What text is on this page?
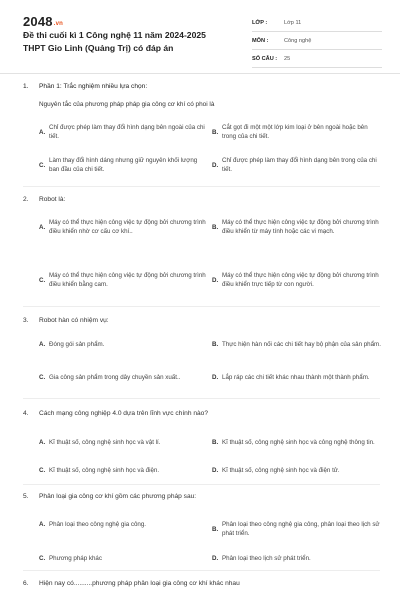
2048.vn
Đề thi cuối kì 1 Công nghệ 11 năm 2024-2025 THPT Gio Linh (Quảng Trị) có đáp án
LỚP :	Lớp 11
MÔN :	Công nghệ
SỐ CÂU :	25
1. Phần 1: Trắc nghiệm nhiều lựa chọn:
Nguyên tắc của phương pháp pháp gia công cơ khí có phoi là
A.
Chỉ được phép làm thay đổi hình dạng bên ngoài của chi tiết.
B.
Cắt gọt đi một một lớp kim loại ở bên ngoài hoặc bên trong của chi tiết.
C.
Làm thay đổi hình dáng nhưng giữ nguyên khối lượng ban đầu của chi tiết.
D.
Chỉ được phép làm thay đổi hình dạng bên trong của chi tiết.
2. Robot là:
A.
Máy có thể thực hiện công việc tự động bởi chương trình điều khiển nhờ cơ cấu cơ khí..
B.
Máy có thể thực hiện công việc tự động bởi chương trình điều khiển từ máy tính hoặc các vi mạch.
C.
Máy có thể thực hiện công việc tự động bởi chương trình điều khiển bằng cam.
D.
Máy có thể thực hiện công việc tự động bởi chương trình điều khiển trực tiếp từ con người.
3. Robot hàn có nhiệm vụ:
A. Đóng gói sản phẩm.	B. Thực hiện hàn nối các chi tiết hay bộ phận của sản phẩm.
C. Gia công sản phẩm trong dây chuyền sản xuất..	D. Lắp ráp các chi tiết khác nhau thành một thành phẩm.
4. Cách mạng công nghiệp 4.0 dựa trên lĩnh vực chính nào?
A. Kĩ thuật số, công nghệ sinh học và vật lí.	B. Kĩ thuật số, công nghệ sinh học và công nghệ thông tin.
C. Kĩ thuật số, công nghệ sinh học và điện.	D. Kĩ thuật số, công nghệ sinh học và điện tử.
5. Phân loại gia công cơ khí gồm các phương pháp sau:
A. Phân loại theo công nghệ gia công.
B.
Phân loại theo công nghệ gia công, phân loại theo lịch sử phát triển.
C. Phương pháp khác	D. Phân loại theo lịch sử phát triển.
6. Hiện nay có..........phương pháp phân loại gia công cơ khí khác nhau
